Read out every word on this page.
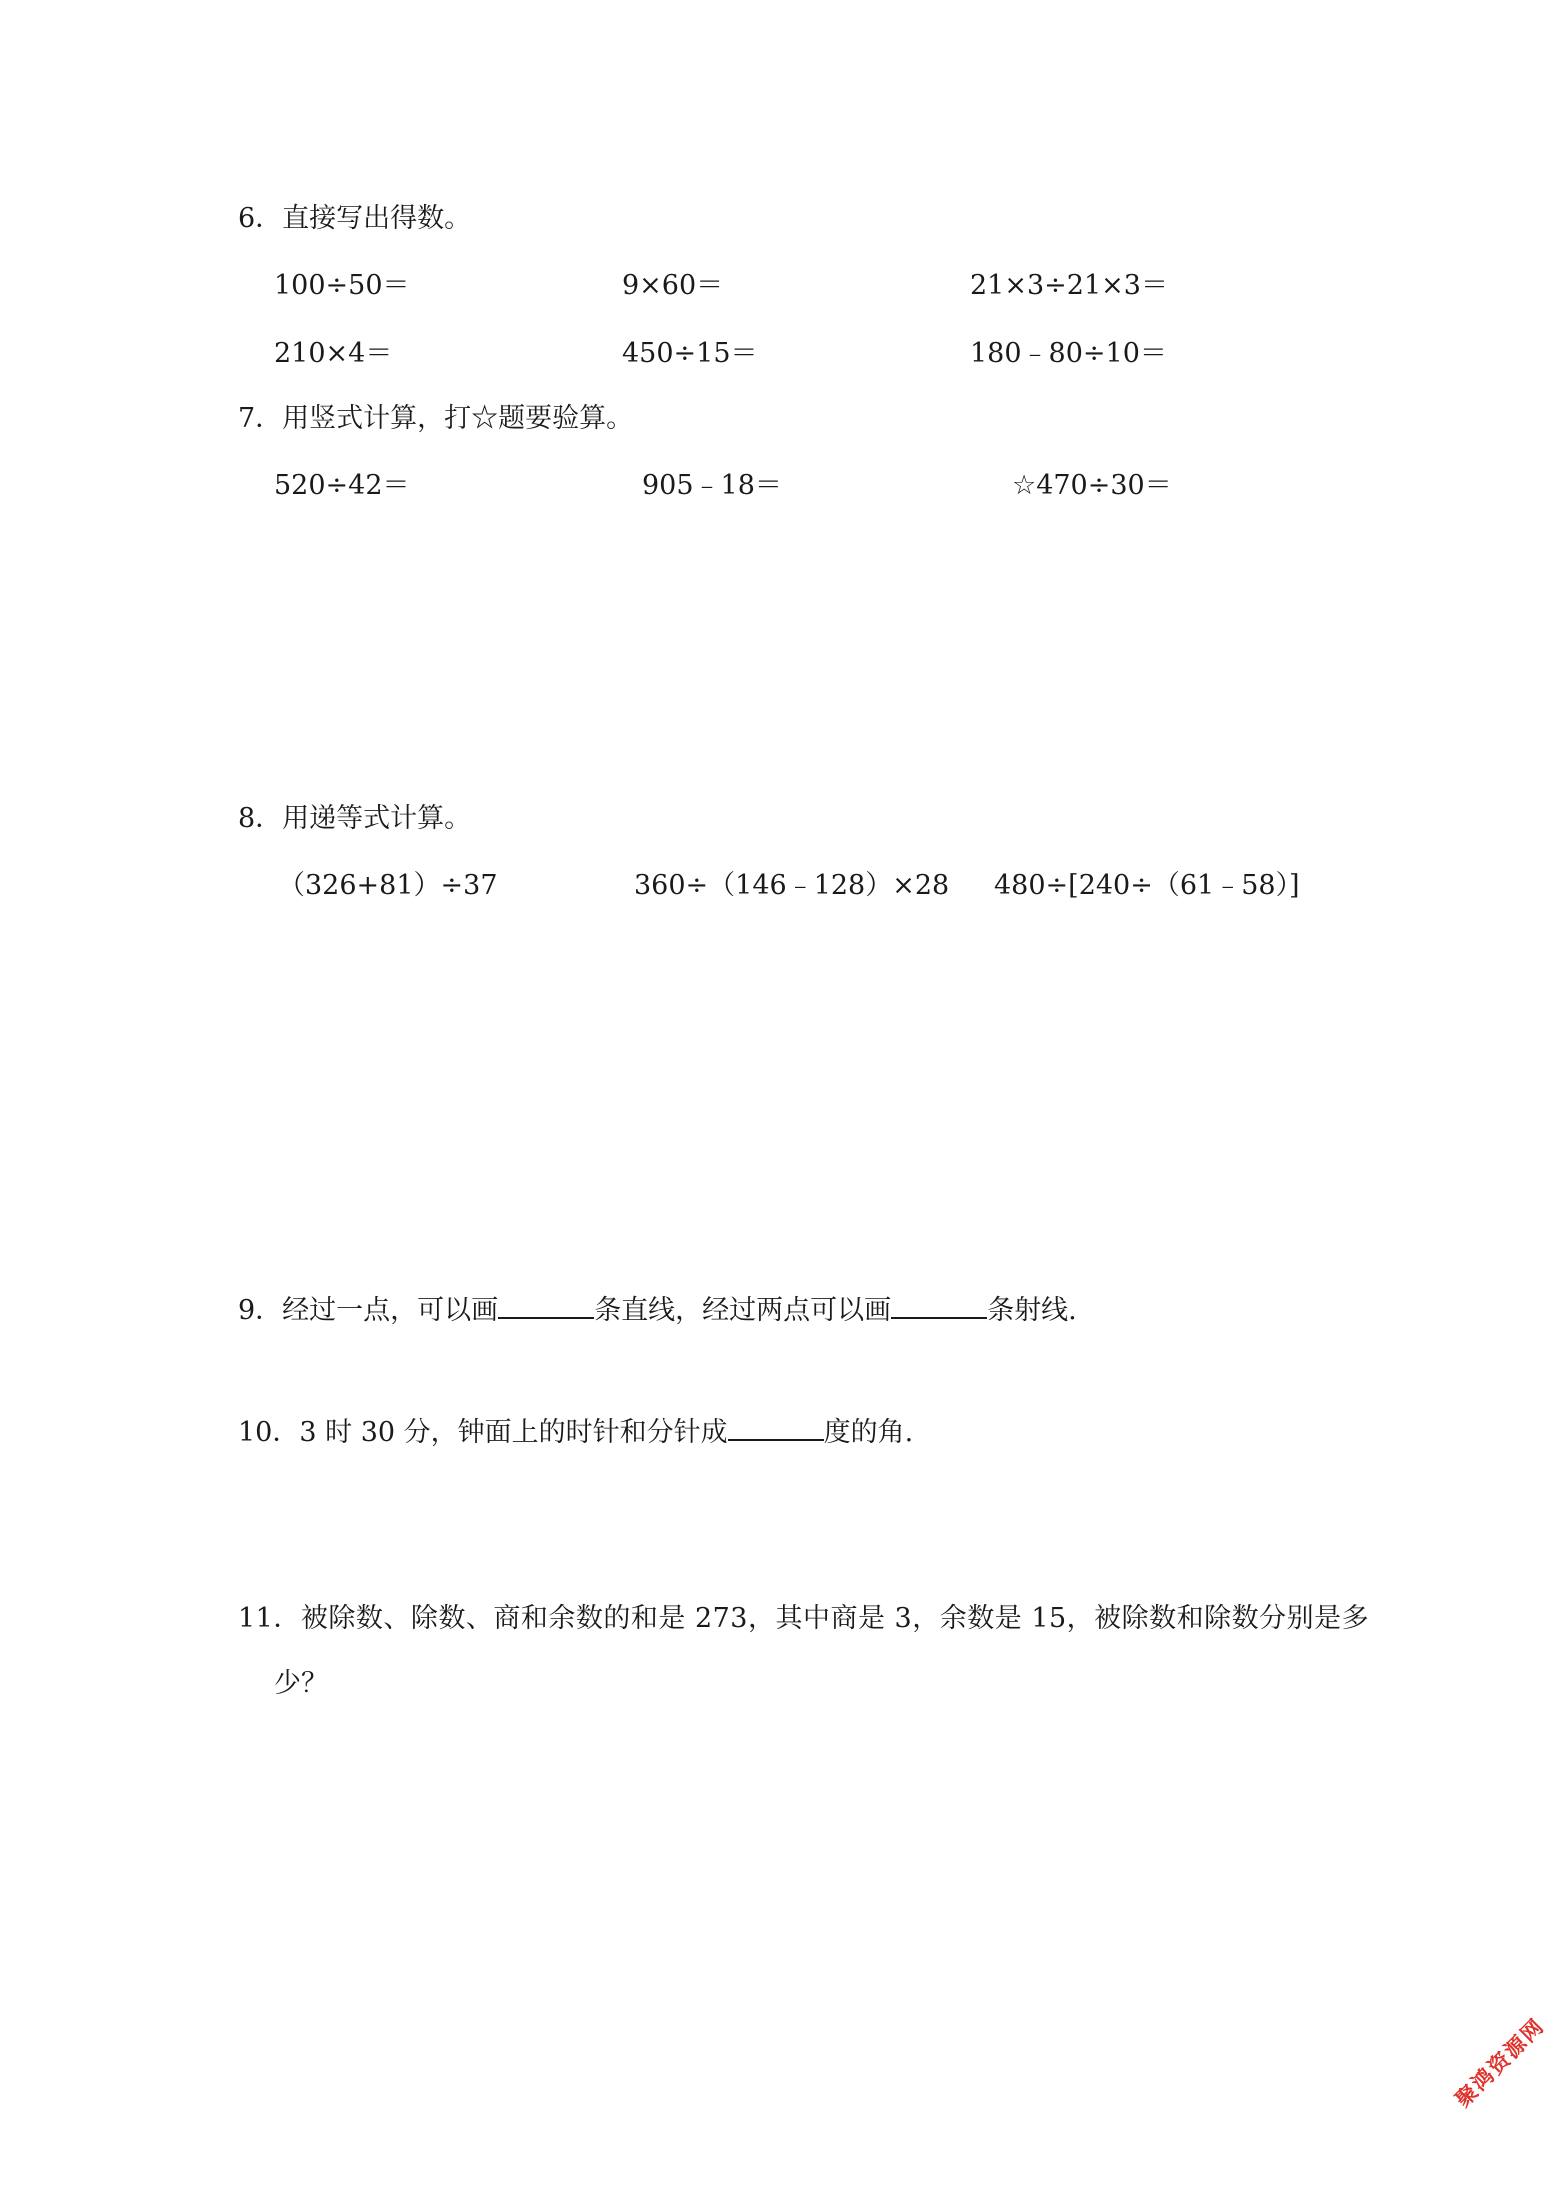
6．直接写出得数。
100÷50＝	9×60＝	21×3÷21×3＝
210×4＝	450÷15＝	180﹣80÷10＝
7．用竖式计算，打☆题要验算。
520÷42＝	905﹣18＝	☆470÷30＝
8．用递等式计算。
（326+81）÷37	360÷（146﹣128）×28 480÷[240÷（61﹣58）]
9．经过一点，可以画	条直线，经过两点可以画	条射线.
10．3 时 30 分，钟面上的时针和分针成	度的角.
11．被除数、除数、商和余数的和是 273，其中商是 3，余数是 15，被除数和除数分别是多
少？
聚鸿资源网
